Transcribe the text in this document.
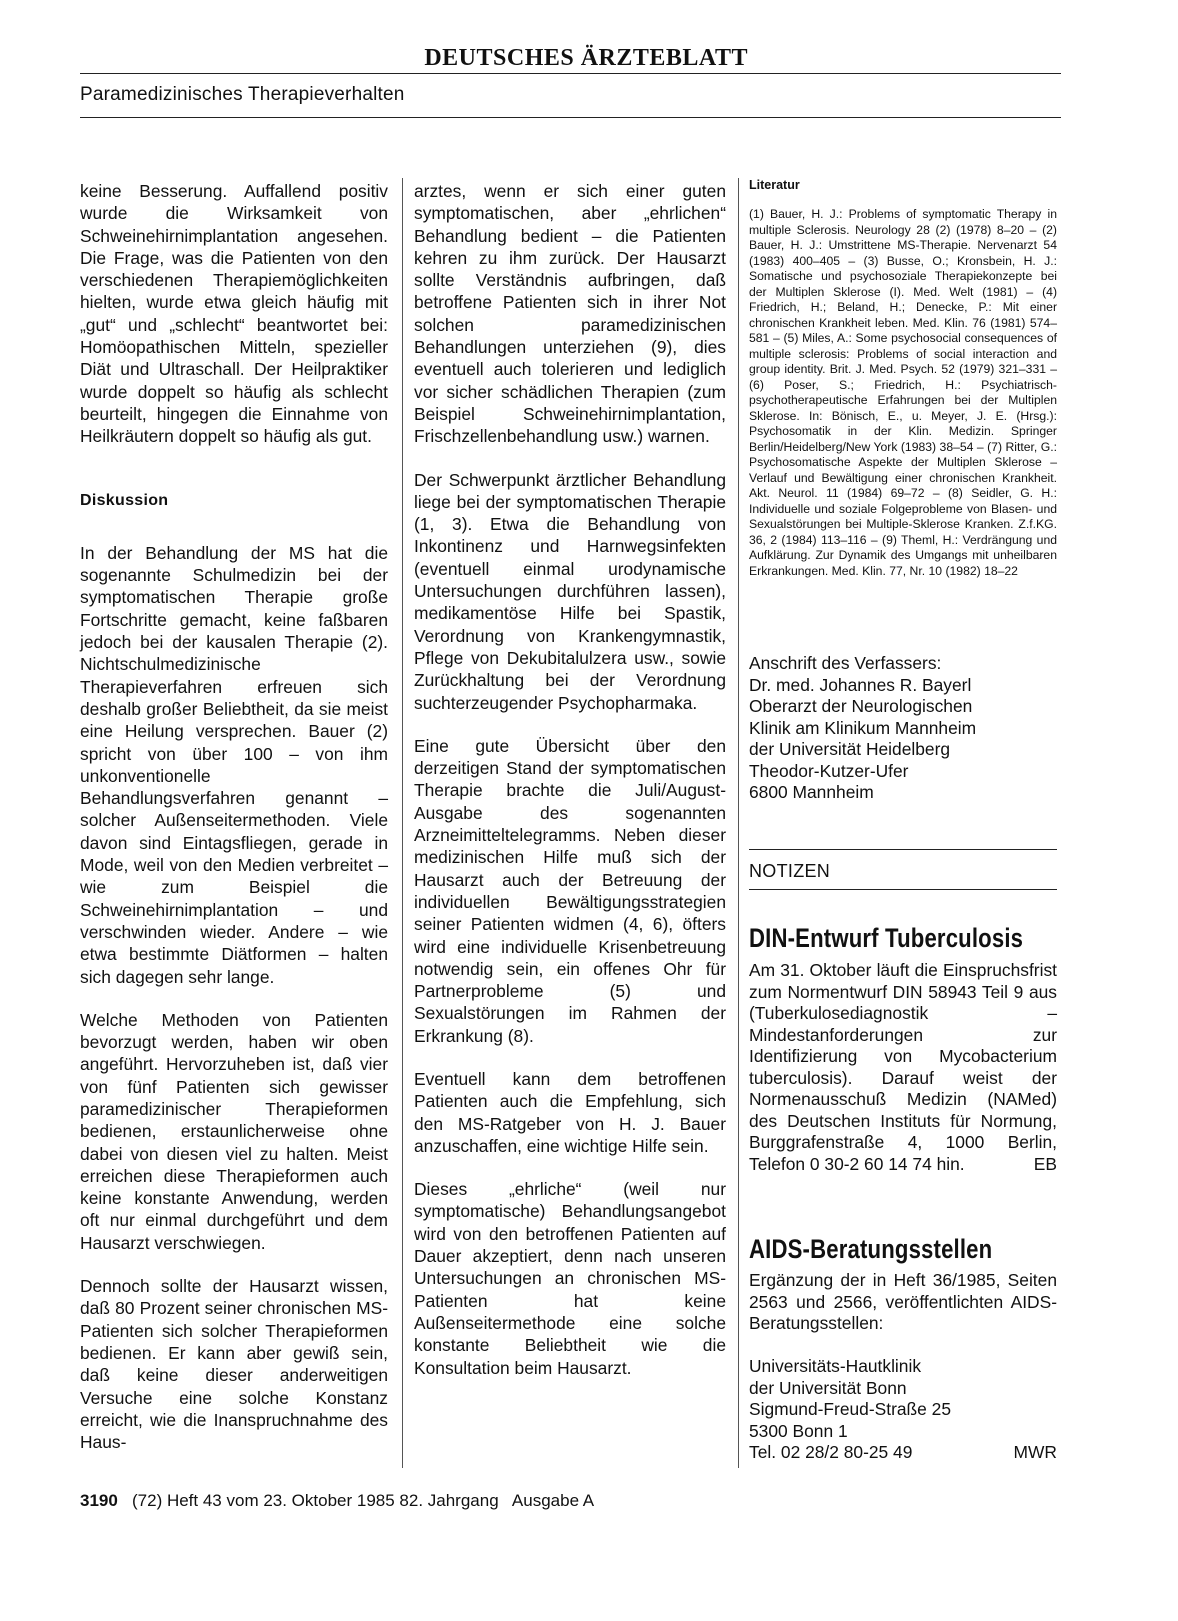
DEUTSCHES ÄRZTEBLATT
Paramedizinisches Therapieverhalten

keine Besserung. Auffallend positiv wurde die Wirksamkeit von Schweinehirnimplantation angesehen. Die Frage, was die Patienten von den verschiedenen Therapiemöglichkeiten hielten, wurde etwa gleich häufig mit „gut“ und „schlecht“ beantwortet bei: Homöopathischen Mitteln, spezieller Diät und Ultraschall. Der Heilpraktiker wurde doppelt so häufig als schlecht beurteilt, hingegen die Einnahme von Heilkräutern doppelt so häufig als gut.

Diskussion

In der Behandlung der MS hat die sogenannte Schulmedizin bei der symptomatischen Therapie große Fortschritte gemacht, keine faßbaren jedoch bei der kausalen Therapie (2). Nichtschulmedizinische Therapieverfahren erfreuen sich deshalb großer Beliebtheit, da sie meist eine Heilung versprechen. Bauer (2) spricht von über 100 – von ihm unkonventionelle Behandlungsverfahren genannt – solcher Außenseitermethoden. Viele davon sind Eintagsfliegen, gerade in Mode, weil von den Medien verbreitet – wie zum Beispiel die Schweinehirnimplantation – und verschwinden wieder. Andere – wie etwa bestimmte Diätformen – halten sich dagegen sehr lange.

Welche Methoden von Patienten bevorzugt werden, haben wir oben angeführt. Hervorzuheben ist, daß vier von fünf Patienten sich gewisser paramedizinischer Therapieformen bedienen, erstaunlicherweise ohne dabei von diesen viel zu halten. Meist erreichen diese Therapieformen auch keine konstante Anwendung, werden oft nur einmal durchgeführt und dem Hausarzt verschwiegen.

Dennoch sollte der Hausarzt wissen, daß 80 Prozent seiner chronischen MS-Patienten sich solcher Therapieformen bedienen. Er kann aber gewiß sein, daß keine dieser anderweitigen Versuche eine solche Konstanz erreicht, wie die Inanspruchnahme des Haus-

arztes, wenn er sich einer guten symptomatischen, aber „ehrlichen“ Behandlung bedient – die Patienten kehren zu ihm zurück. Der Hausarzt sollte Verständnis aufbringen, daß betroffene Patienten sich in ihrer Not solchen paramedizinischen Behandlungen unterziehen (9), dies eventuell auch tolerieren und lediglich vor sicher schädlichen Therapien (zum Beispiel Schweinehirnimplantation, Frischzellenbehandlung usw.) warnen.

Der Schwerpunkt ärztlicher Behandlung liege bei der symptomatischen Therapie (1, 3). Etwa die Behandlung von Inkontinenz und Harnwegsinfekten (eventuell einmal urodynamische Untersuchungen durchführen lassen), medikamentöse Hilfe bei Spastik, Verordnung von Krankengymnastik, Pflege von Dekubitalulzera usw., sowie Zurückhaltung bei der Verordnung suchterzeugender Psychopharmaka.

Eine gute Übersicht über den derzeitigen Stand der symptomatischen Therapie brachte die Juli/August-Ausgabe des sogenannten Arzneimitteltelegramms. Neben dieser medizinischen Hilfe muß sich der Hausarzt auch der Betreuung der individuellen Bewältigungsstrategien seiner Patienten widmen (4, 6), öfters wird eine individuelle Krisenbetreuung notwendig sein, ein offenes Ohr für Partnerprobleme (5) und Sexualstörungen im Rahmen der Erkrankung (8).

Eventuell kann dem betroffenen Patienten auch die Empfehlung, sich den MS-Ratgeber von H. J. Bauer anzuschaffen, eine wichtige Hilfe sein.

Dieses „ehrliche“ (weil nur symptomatische) Behandlungsangebot wird von den betroffenen Patienten auf Dauer akzeptiert, denn nach unseren Untersuchungen an chronischen MS-Patienten hat keine Außenseitermethode eine solche konstante Beliebtheit wie die Konsultation beim Hausarzt.

Literatur
(1) Bauer, H. J.: Problems of symptomatic Therapy in multiple Sclerosis. Neurology 28 (2) (1978) 8–20 – (2) Bauer, H. J.: Umstrittene MS-Therapie. Nervenarzt 54 (1983) 400–405 – (3) Busse, O.; Kronsbein, H. J.: Somatische und psychosoziale Therapiekonzepte bei der Multiplen Sklerose (I). Med. Welt (1981) – (4) Friedrich, H.; Beland, H.; Denecke, P.: Mit einer chronischen Krankheit leben. Med. Klin. 76 (1981) 574–581 – (5) Miles, A.: Some psychosocial consequences of multiple sclerosis: Problems of social interaction and group identity. Brit. J. Med. Psych. 52 (1979) 321–331 – (6) Poser, S.; Friedrich, H.: Psychiatrisch-psychotherapeutische Erfahrungen bei der Multiplen Sklerose. In: Bönisch, E., u. Meyer, J. E. (Hrsg.): Psychosomatik in der Klin. Medizin. Springer Berlin/Heidelberg/New York (1983) 38–54 – (7) Ritter, G.: Psychosomatische Aspekte der Multiplen Sklerose – Verlauf und Bewältigung einer chronischen Krankheit. Akt. Neurol. 11 (1984) 69–72 – (8) Seidler, G. H.: Individuelle und soziale Folgeprobleme von Blasen- und Sexualstörungen bei Multiple-Sklerose Kranken. Z.f.KG. 36, 2 (1984) 113–116 – (9) Theml, H.: Verdrängung und Aufklärung. Zur Dynamik des Umgangs mit unheilbaren Erkrankungen. Med. Klin. 77, Nr. 10 (1982) 18–22
Anschrift des Verfassers:
Dr. med. Johannes R. Bayerl
Oberarzt der Neurologischen
Klinik am Klinikum Mannheim
der Universität Heidelberg
Theodor-Kutzer-Ufer
6800 Mannheim
NOTIZEN
DIN-Entwurf Tuberculosis
Am 31. Oktober läuft die Einspruchsfrist zum Normentwurf DIN 58943 Teil 9 aus (Tuberkulosediagnostik – Mindestanforderungen zur Identifizierung von Mycobacterium tuberculosis). Darauf weist der Normenausschuß Medizin (NAMed) des Deutschen Instituts für Normung, Burggrafenstraße 4, 1000 Berlin, Telefon 0 30-2 60 14 74 hin.	EB
AIDS-Beratungsstellen
Ergänzung der in Heft 36/1985, Seiten 2563 und 2566, veröffentlichten AIDS-Beratungsstellen:
Universitäts-Hautklinik
der Universität Bonn
Sigmund-Freud-Straße 25
5300 Bonn 1
Tel. 02 28/2 80-25 49	MWR
3190 (72) Heft 43 vom 23. Oktober 1985 82. Jahrgang Ausgabe A
